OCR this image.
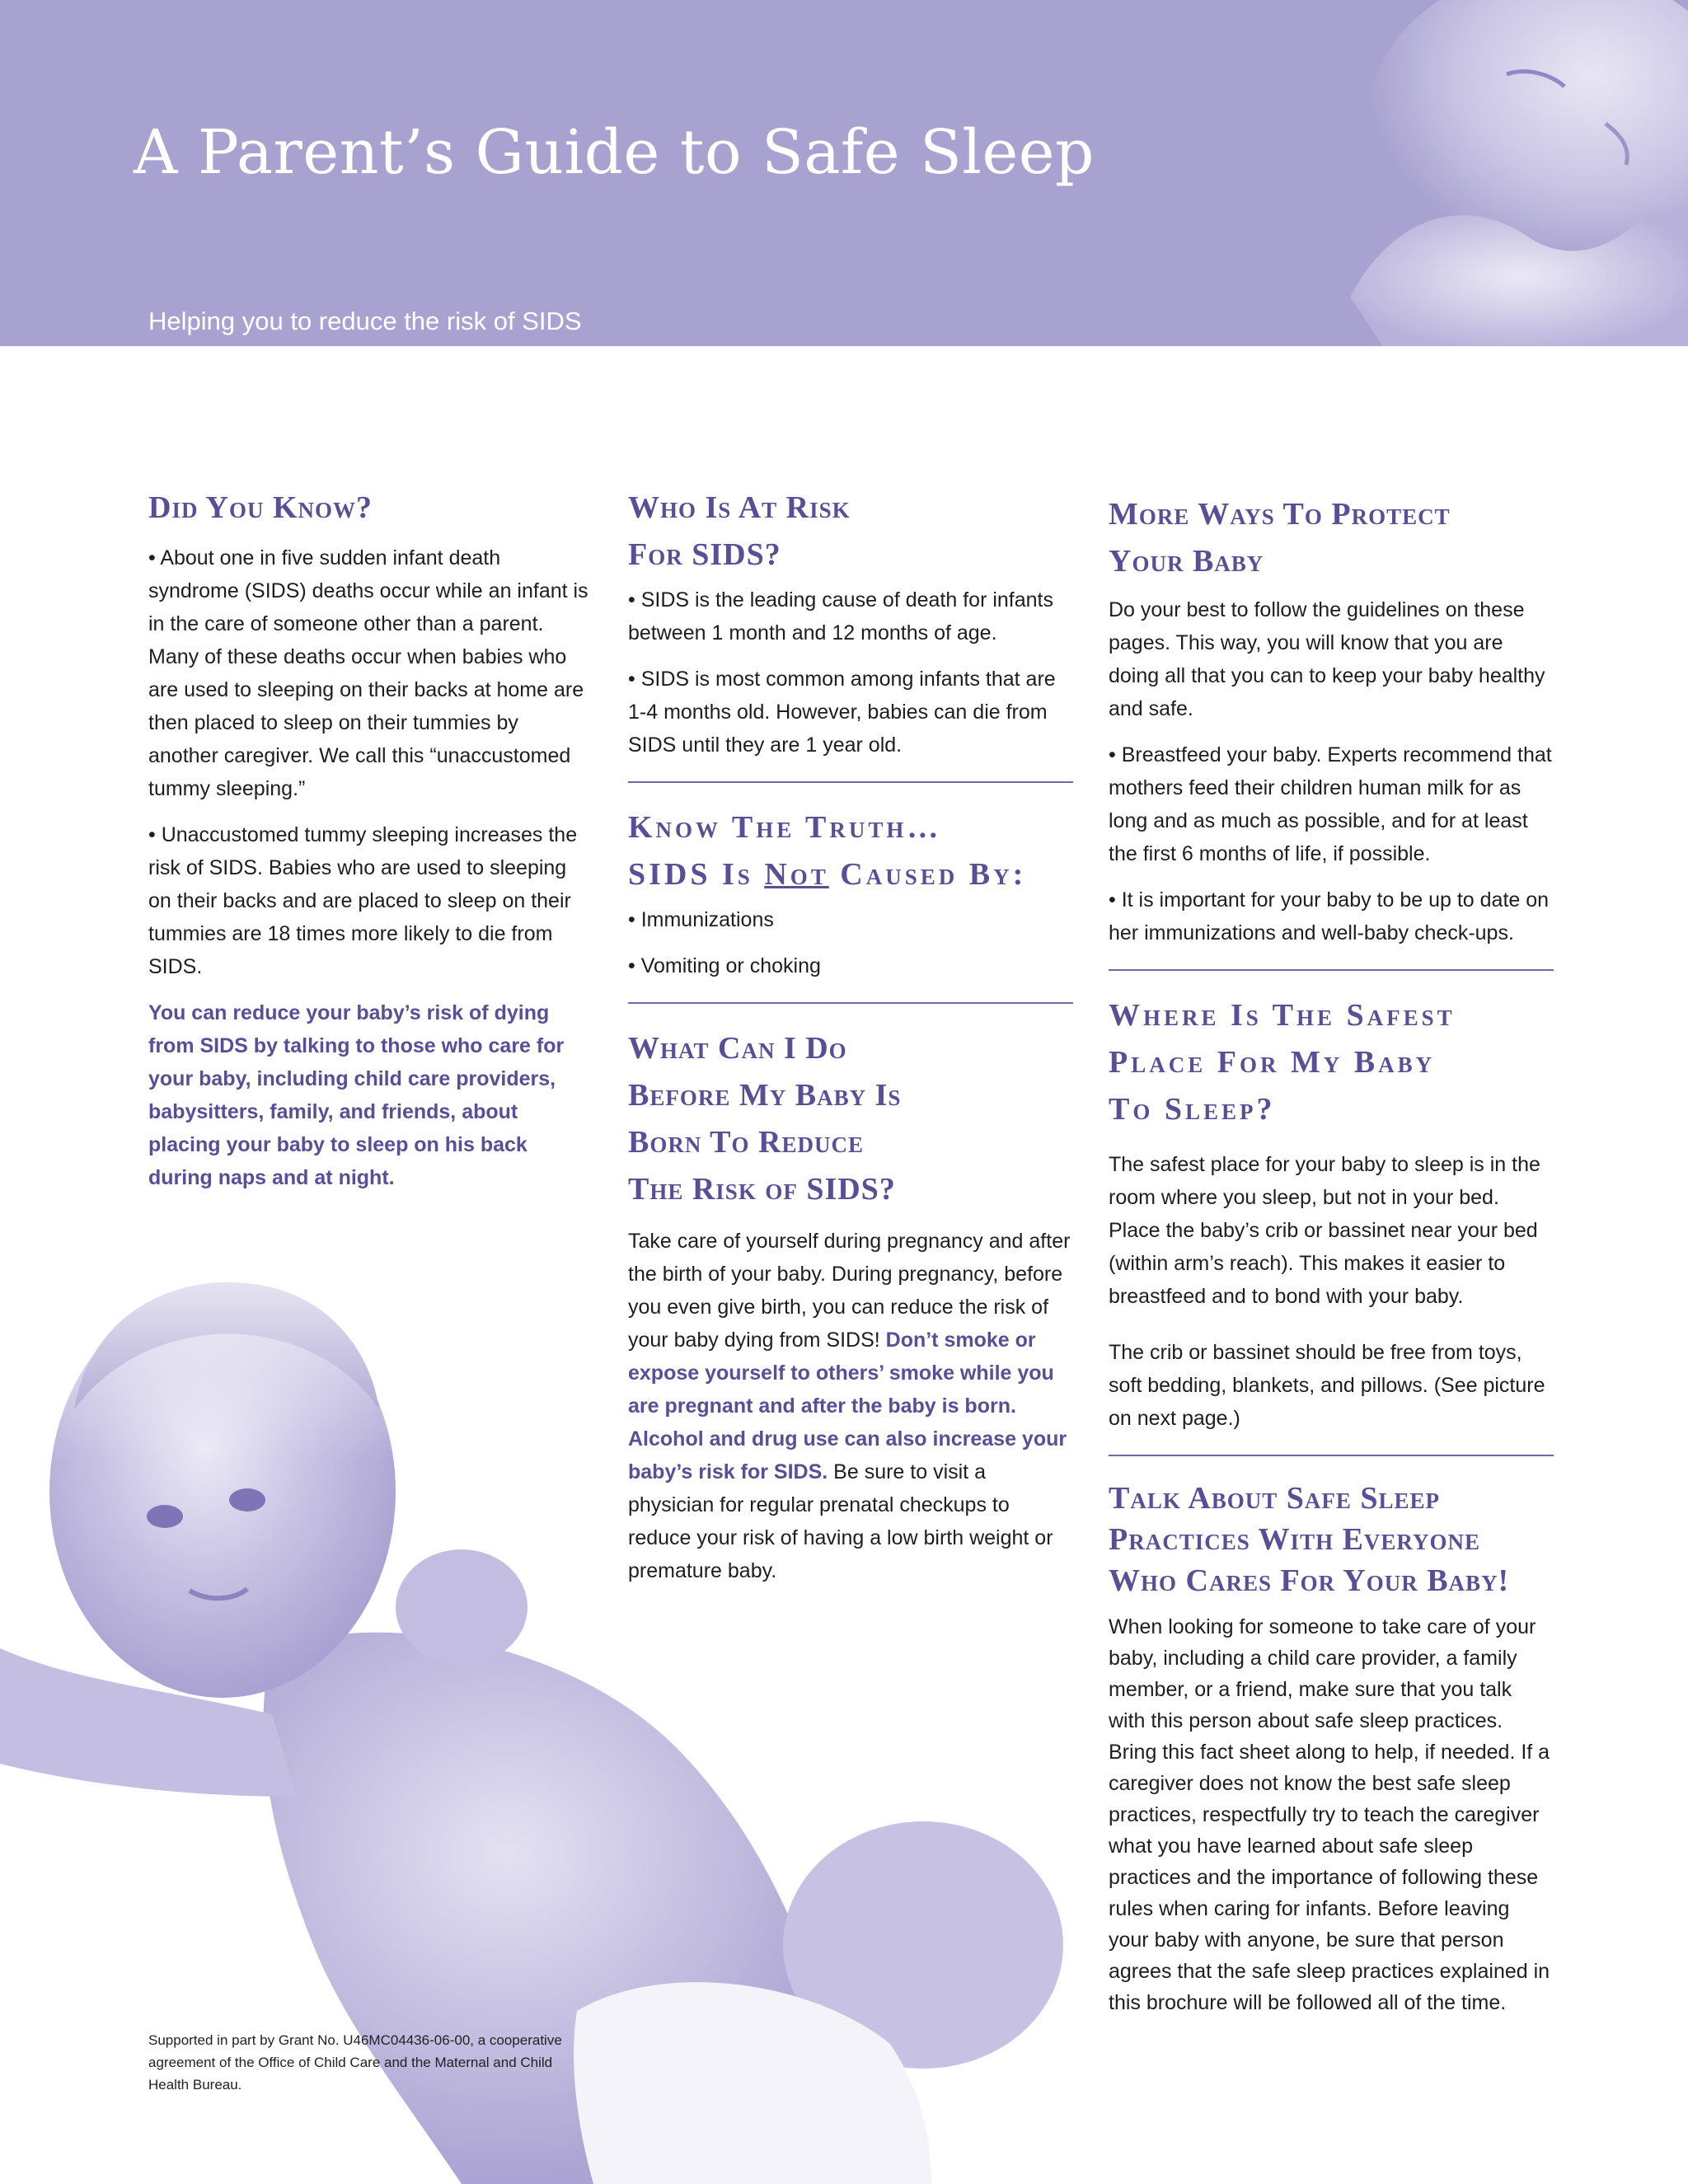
A Parent’s Guide to Safe Sleep

Helping you to reduce the risk of SIDS

Did You Know?

• About one in five sudden infant death syndrome (SIDS) deaths occur while an infant is in the care of someone other than a parent. Many of these deaths occur when babies who are used to sleeping on their backs at home are then placed to sleep on their tummies by another caregiver. We call this “unaccustomed tummy sleeping.”

• Unaccustomed tummy sleeping increases the risk of SIDS. Babies who are used to sleeping on their backs and are placed to sleep on their tummies are 18 times more likely to die from SIDS.

You can reduce your baby’s risk of dying from SIDS by talking to those who care for your baby, including child care providers, babysitters, family, and friends, about placing your baby to sleep on his back during naps and at night.

Who Is At Risk
For SIDS?

• SIDS is the leading cause of death for infants between 1 month and 12 months of age.

• SIDS is most common among infants that are 1-4 months old. However, babies can die from SIDS until they are 1 year old.

Know The Truth…
SIDS Is Not Caused By:

• Immunizations

• Vomiting or choking

What Can I Do
Before My Baby Is
Born To Reduce
The Risk of SIDS?

Take care of yourself during pregnancy and after the birth of your baby. During pregnancy, before you even give birth, you can reduce the risk of your baby dying from SIDS! Don’t smoke or expose yourself to others’ smoke while you are pregnant and after the baby is born. Alcohol and drug use can also increase your baby’s risk for SIDS. Be sure to visit a physician for regular prenatal checkups to reduce your risk of having a low birth weight or premature baby.

More Ways To Protect
Your Baby

Do your best to follow the guidelines on these pages. This way, you will know that you are doing all that you can to keep your baby healthy and safe.

• Breastfeed your baby. Experts recommend that mothers feed their children human milk for as long and as much as possible, and for at least the first 6 months of life, if possible.

• It is important for your baby to be up to date on her immunizations and well-baby check-ups.

Where Is The Safest
Place For My Baby
To Sleep?

The safest place for your baby to sleep is in the room where you sleep, but not in your bed. Place the baby’s crib or bassinet near your bed (within arm’s reach). This makes it easier to breastfeed and to bond with your baby.

The crib or bassinet should be free from toys, soft bedding, blankets, and pillows. (See picture on next page.)

Talk About Safe Sleep
Practices With Everyone
Who Cares For Your Baby!

When looking for someone to take care of your baby, including a child care provider, a family member, or a friend, make sure that you talk with this person about safe sleep practices.

Bring this fact sheet along to help, if needed. If a caregiver does not know the best safe sleep practices, respectfully try to teach the caregiver what you have learned about safe sleep practices and the importance of following these rules when caring for infants. Before leaving your baby with anyone, be sure that person agrees that the safe sleep practices explained in this brochure will be followed all of the time.

Supported in part by Grant No. U46MC04436-06-00, a cooperative agreement of the Office of Child Care and the Maternal and Child Health Bureau.
